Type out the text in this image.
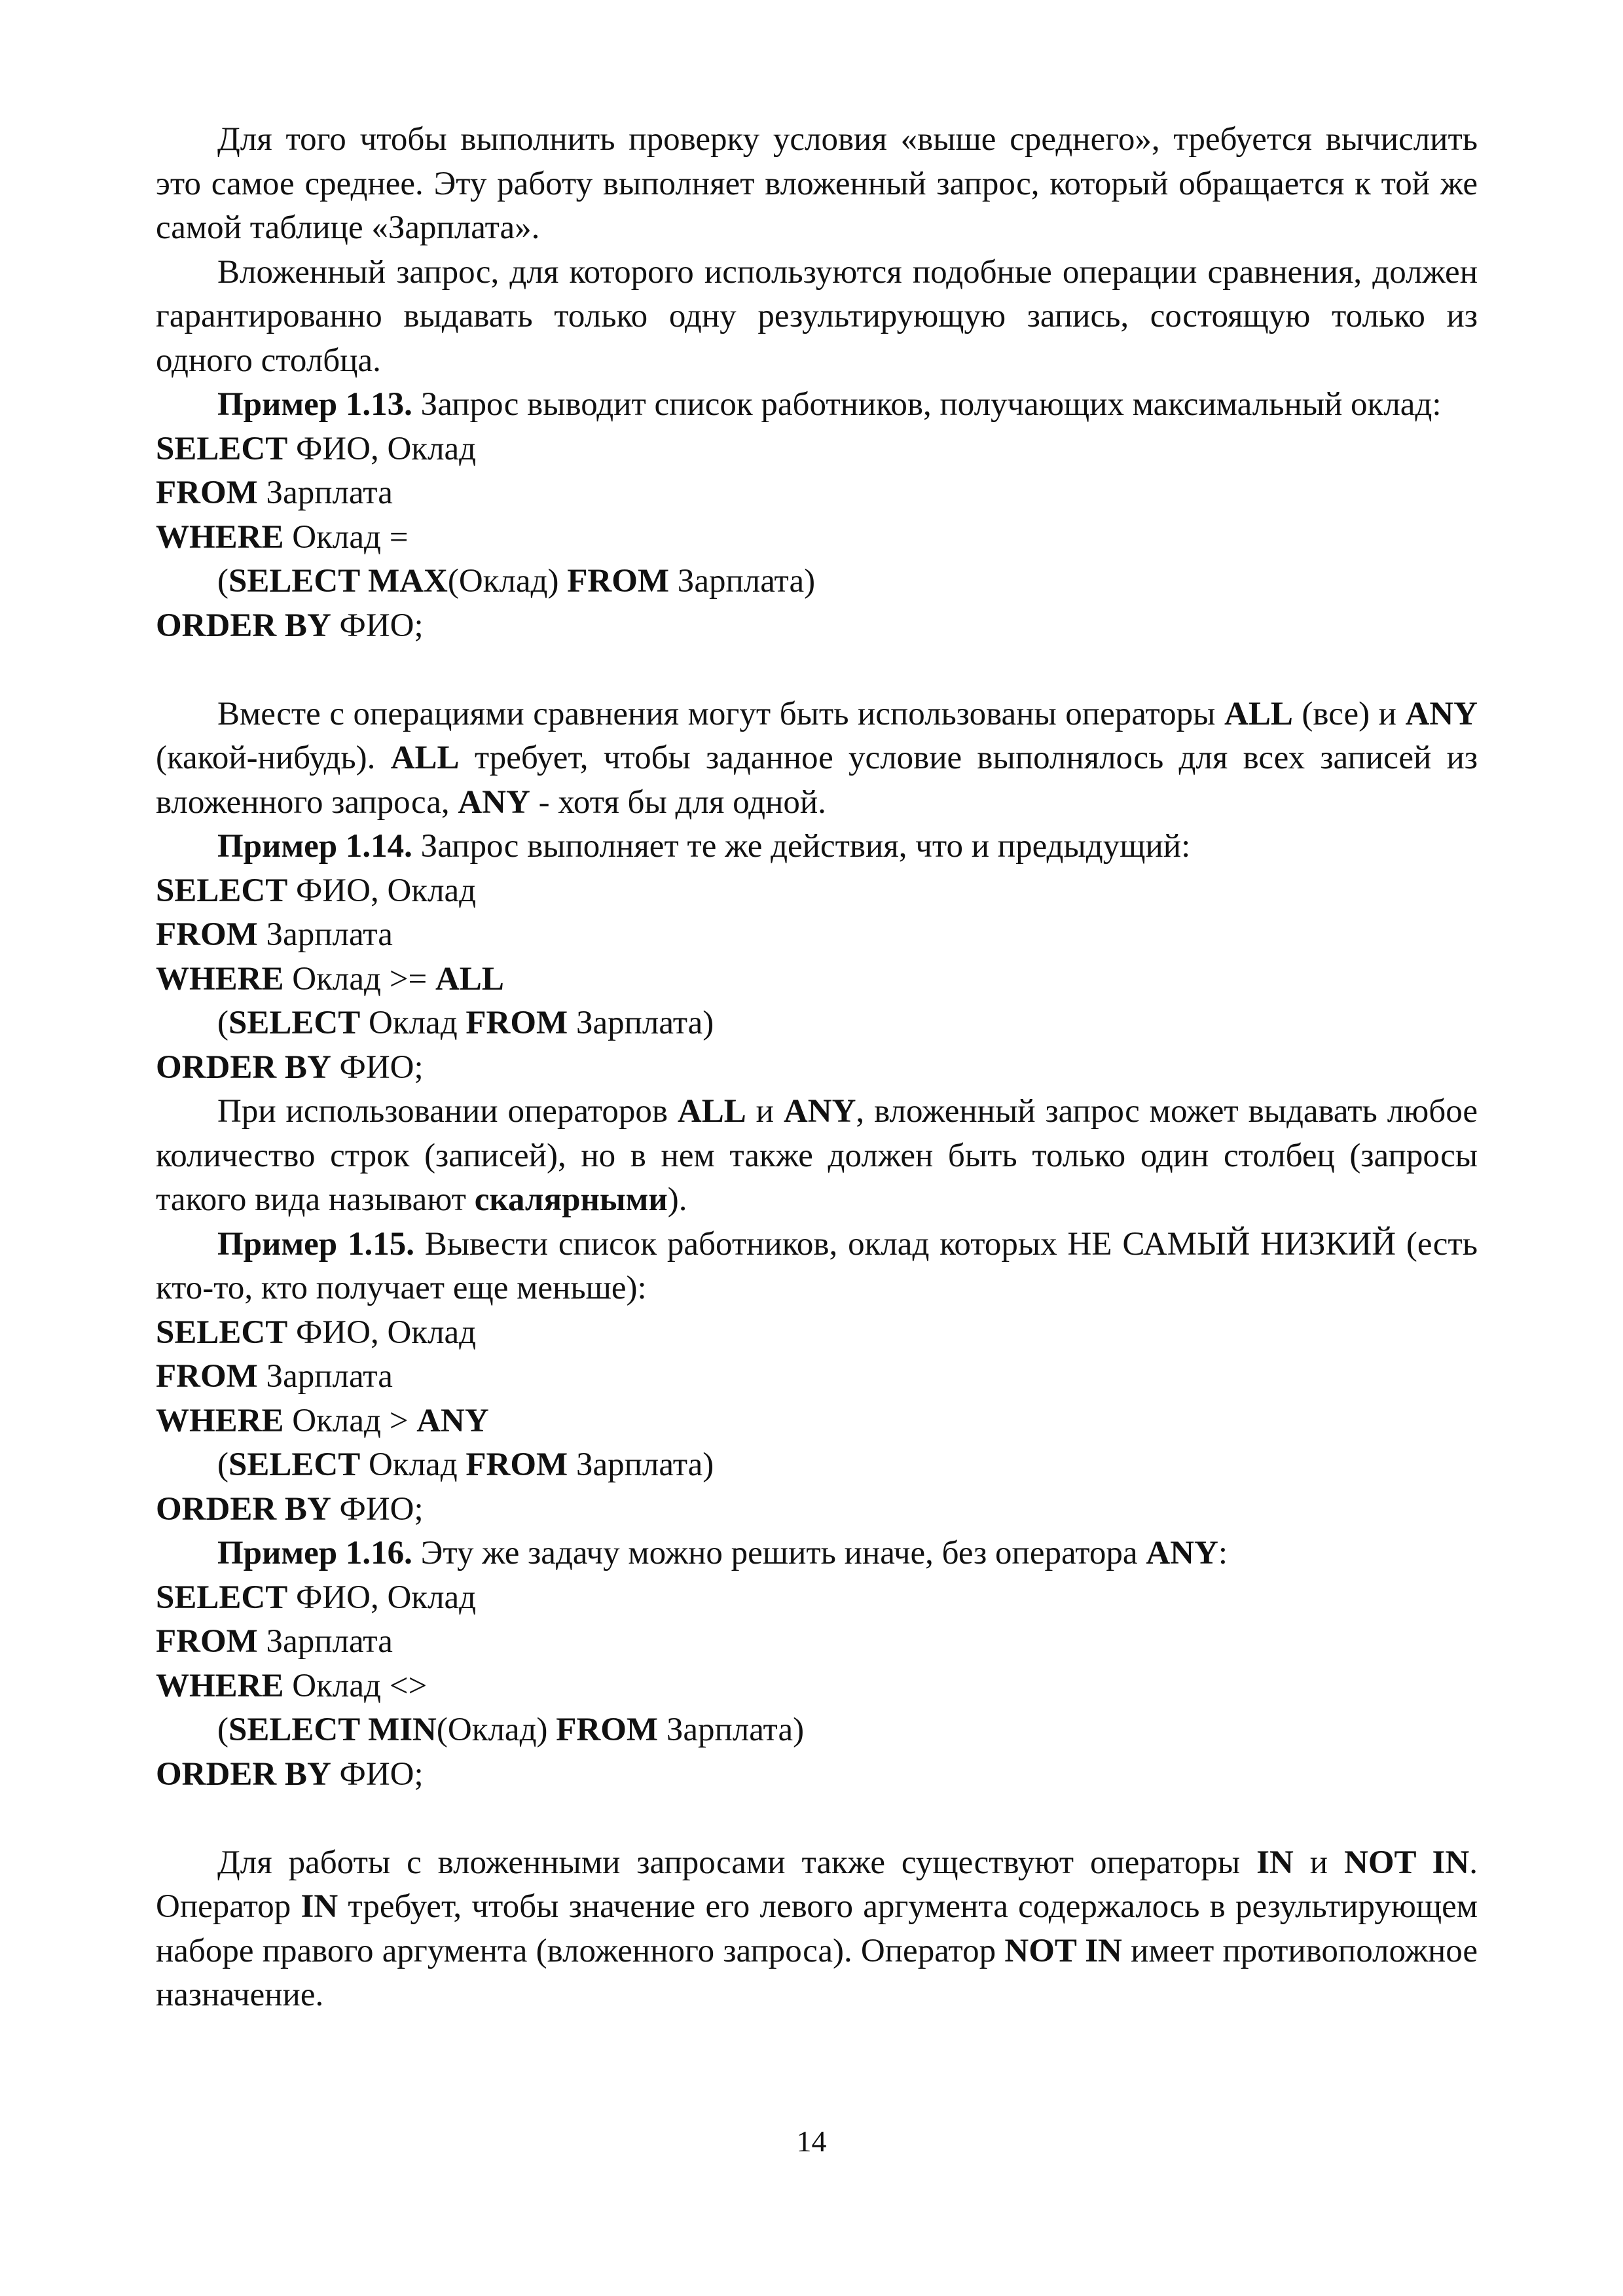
Для того чтобы выполнить проверку условия «выше среднего», требуется вычислить это самое среднее. Эту работу выполняет вложенный запрос, который обращается к той же самой таблице «Зарплата».

Вложенный запрос, для которого используются подобные операции сравнения, должен гарантированно выдавать только одну результирующую запись, состоящую только из одного столбца.

Пример 1.13. Запрос выводит список работников, получающих максимальный оклад:

SELECT ФИО, Оклад
FROM Зарплата
WHERE Оклад =
(SELECT MAX(Оклад) FROM Зарплата)
ORDER BY ФИО;

Вместе с операциями сравнения могут быть использованы операторы ALL (все) и ANY (какой-нибудь). ALL требует, чтобы заданное условие выполнялось для всех записей из вложенного запроса, ANY - хотя бы для одной.

Пример 1.14. Запрос выполняет те же действия, что и предыдущий:

SELECT ФИО, Оклад
FROM Зарплата
WHERE Оклад >= ALL
(SELECT Оклад FROM Зарплата)
ORDER BY ФИО;

При использовании операторов ALL и ANY, вложенный запрос может выдавать любое количество строк (записей), но в нем также должен быть только один столбец (запросы такого вида называют скалярными).

Пример 1.15. Вывести список работников, оклад которых НЕ САМЫЙ НИЗКИЙ (есть кто-то, кто получает еще меньше):

SELECT ФИО, Оклад
FROM Зарплата
WHERE Оклад > ANY
(SELECT Оклад FROM Зарплата)
ORDER BY ФИО;

Пример 1.16. Эту же задачу можно решить иначе, без оператора ANY:

SELECT ФИО, Оклад
FROM Зарплата
WHERE Оклад <>
(SELECT MIN(Оклад) FROM Зарплата)
ORDER BY ФИО;

Для работы с вложенными запросами также существуют операторы IN и NOT IN. Оператор IN требует, чтобы значение его левого аргумента содержалось в результирующем наборе правого аргумента (вложенного запроса). Оператор NOT IN имеет противоположное назначение.

14
